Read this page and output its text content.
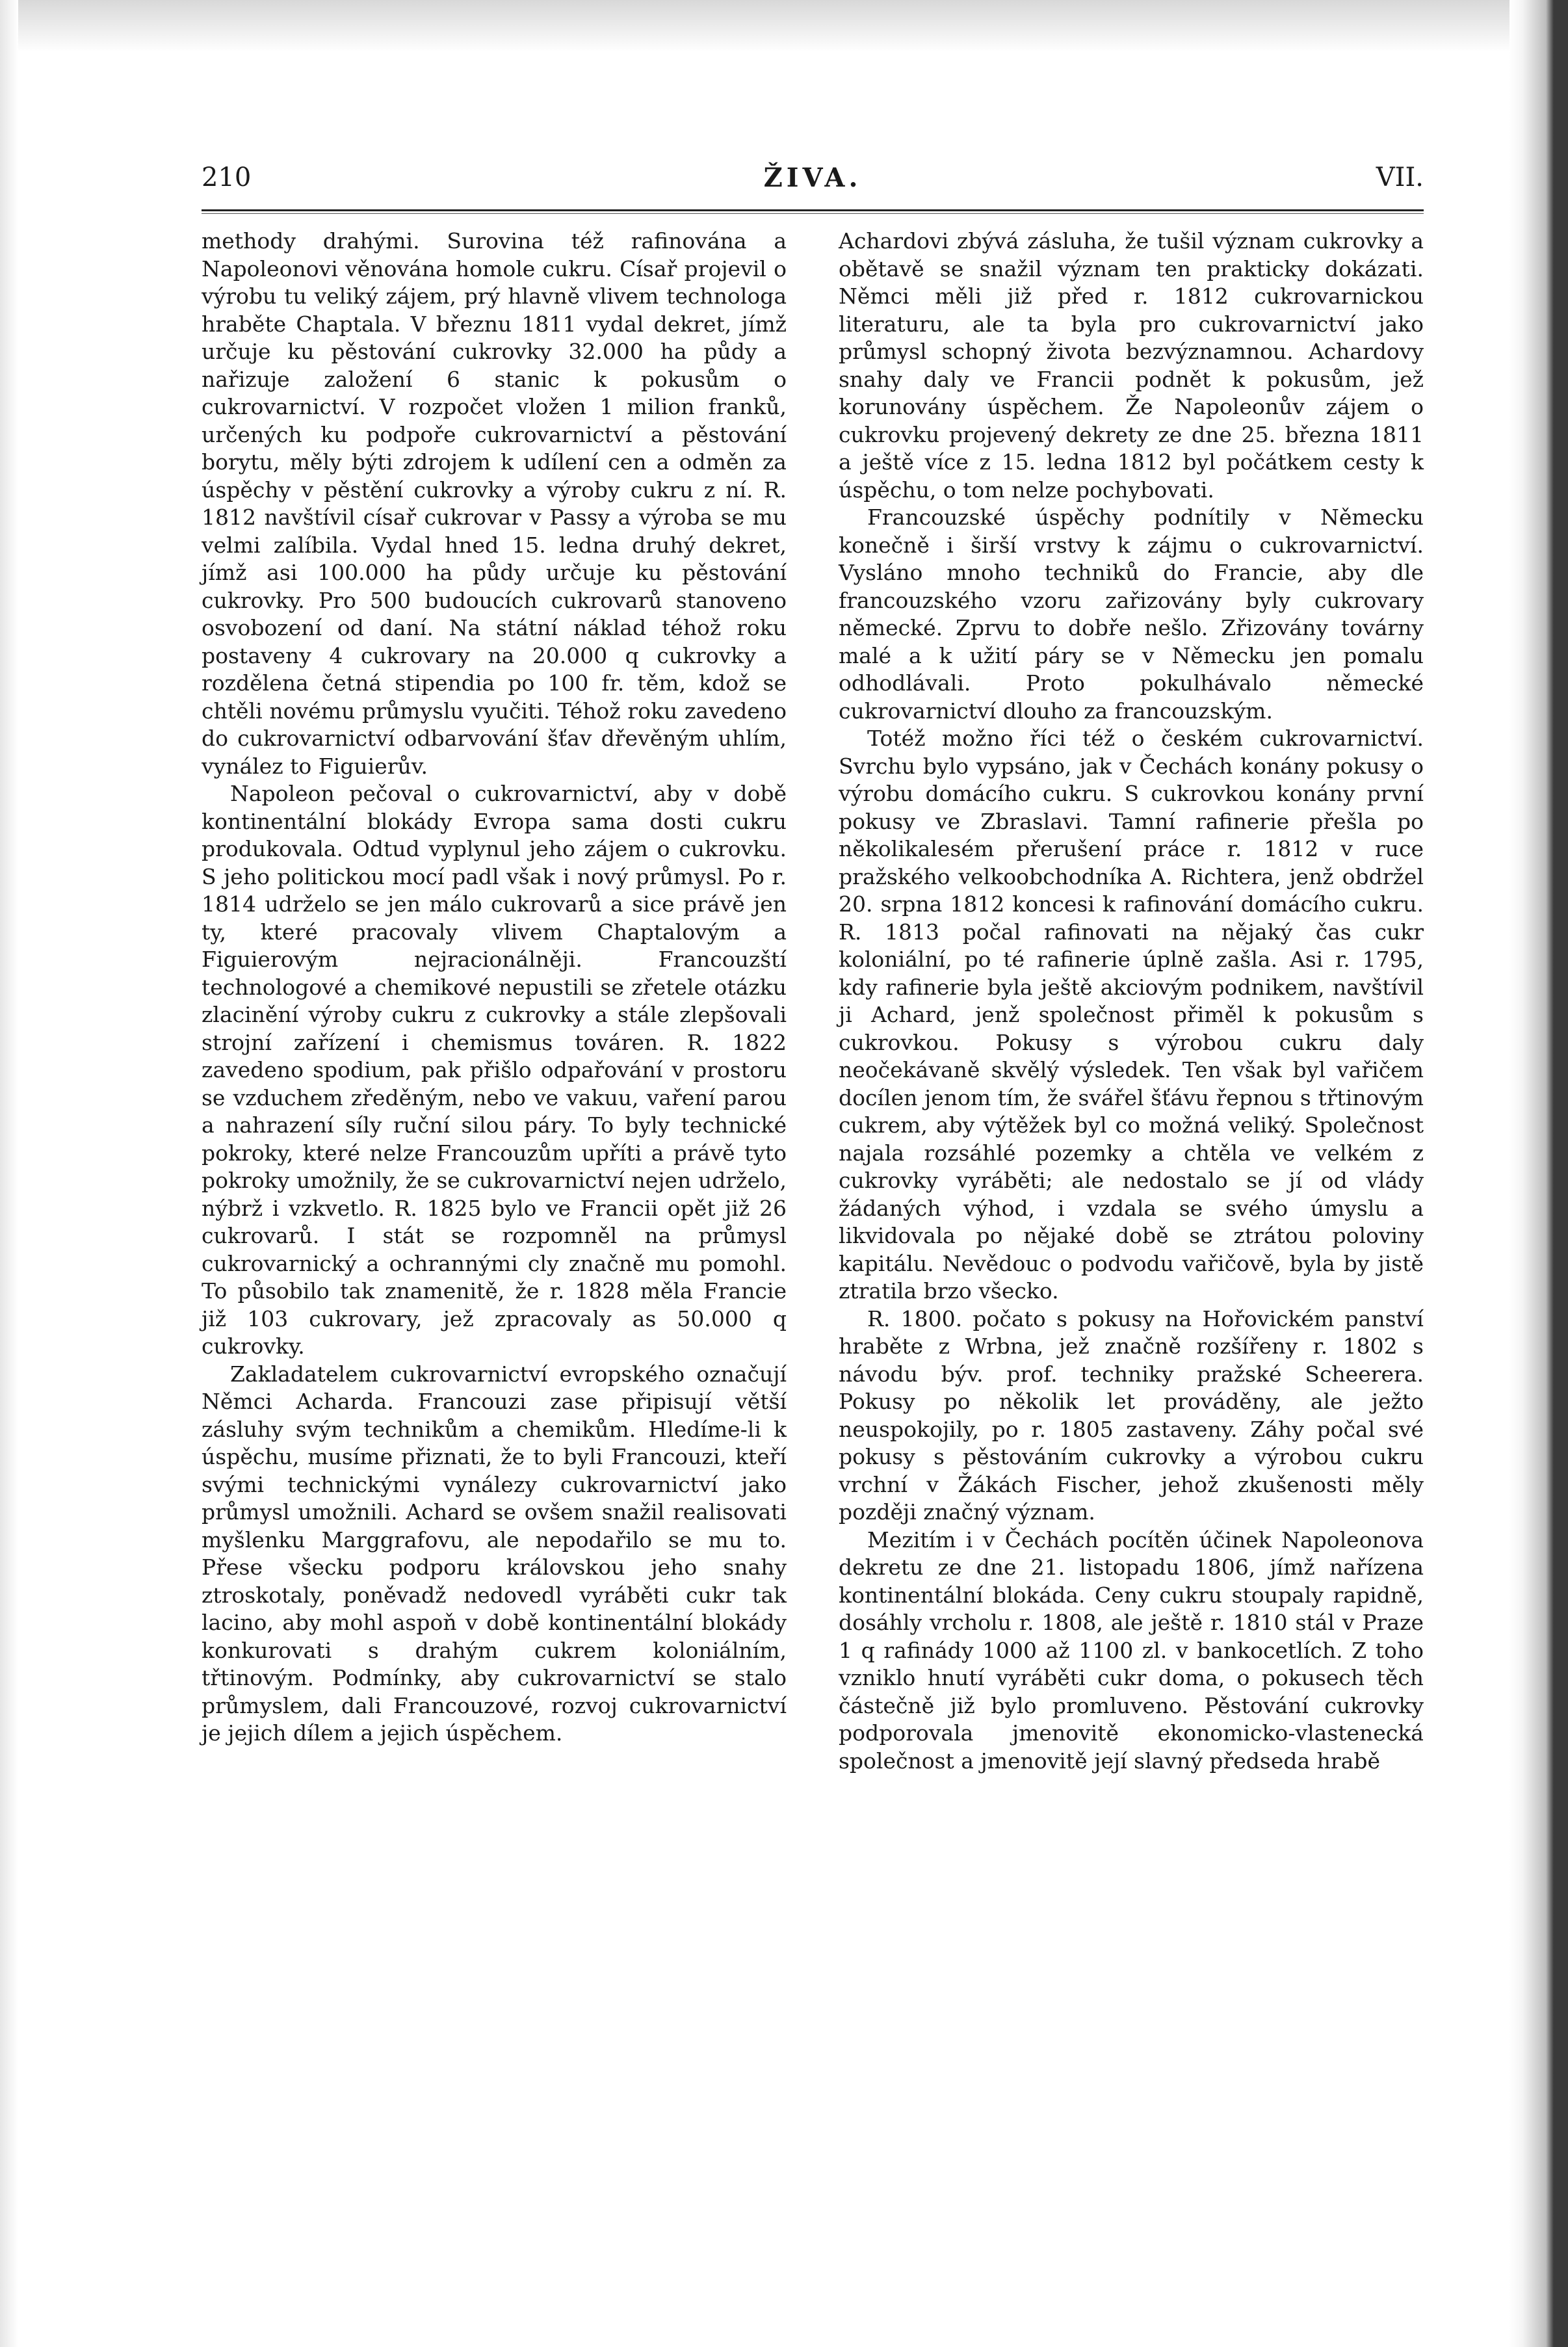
210	ŽIVA.	VII.

methody drahými. Surovina též rafinována a Napoleonovi věnována homole cukru. Císař projevil o výrobu tu veliký zájem, prý hlavně vlivem technologa hraběte Chaptala. V březnu 1811 vydal dekret, jímž určuje ku pěstování cukrovky 32.000 ha půdy a nařizuje založení 6 stanic k pokusům o cukrovarnictví. V rozpočet vložen 1 milion franků, určených ku podpoře cukrovarnictví a pěstování borytu, měly býti zdrojem k udílení cen a odměn za úspěchy v pěstění cukrovky a výroby cukru z ní. R. 1812 navštívil císař cukrovar v Passy a výroba se mu velmi zalíbila. Vydal hned 15. ledna druhý dekret, jímž asi 100.000 ha půdy určuje ku pěstování cukrovky. Pro 500 budoucích cukrovarů stanoveno osvobození od daní. Na státní náklad téhož roku postaveny 4 cukrovary na 20.000 q cukrovky a rozdělena četná stipendia po 100 fr. těm, kdož se chtěli novému průmyslu vyučiti. Téhož roku zavedeno do cukrovarnictví odbarvování šťav dřevěným uhlím, vynález to Figuierův.

Napoleon pečoval o cukrovarnictví, aby v době kontinentální blokády Evropa sama dosti cukru produkovala. Odtud vyplynul jeho zájem o cukrovku. S jeho politickou mocí padl však i nový průmysl. Po r. 1814 udrželo se jen málo cukrovarů a sice právě jen ty, které pracovaly vlivem Chaptalovým a Figuierovým nejracionálněji. Francouzští technologové a chemikové nepustili se zřetele otázku zlacinění výroby cukru z cukrovky a stále zlepšovali strojní zařízení i chemismus továren. R. 1822 zavedeno spodium, pak přišlo odpařování v prostoru se vzduchem zředěným, nebo ve vakuu, vaření parou a nahrazení síly ruční silou páry. To byly technické pokroky, které nelze Francouzům upříti a právě tyto pokroky umožnily, že se cukrovarnictví nejen udrželo, nýbrž i vzkvetlo. R. 1825 bylo ve Francii opět již 26 cukrovarů. I stát se rozpomněl na průmysl cukrovarnický a ochrannými cly značně mu pomohl. To působilo tak znamenitě, že r. 1828 měla Francie již 103 cukrovary, jež zpracovaly as 50.000 q cukrovky.

Zakladatelem cukrovarnictví evropského označují Němci Acharda. Francouzi zase připisují větší zásluhy svým technikům a chemikům. Hledíme-li k úspěchu, musíme přiznati, že to byli Francouzi, kteří svými technickými vynálezy cukrovarnictví jako průmysl umožnili. Achard se ovšem snažil realisovati myšlenku Marggrafovu, ale nepodařilo se mu to. Přese všecku podporu královskou jeho snahy ztroskotaly, poněvadž nedovedl vyráběti cukr tak lacino, aby mohl aspoň v době kontinentální blokády konkurovati s drahým cukrem koloniálním, třtinovým. Podmínky, aby cukrovarnictví se stalo průmyslem, dali Francouzové, rozvoj cukrovarnictví je jejich dílem a jejich úspěchem.

Achardovi zbývá zásluha, že tušil význam cukrovky a obětavě se snažil význam ten prakticky dokázati. Němci měli již před r. 1812 cukrovarnickou literaturu, ale ta byla pro cukrovarnictví jako průmysl schopný života bezvýznamnou. Achardovy snahy daly ve Francii podnět k pokusům, jež korunovány úspěchem. Že Napoleonův zájem o cukrovku projevený dekrety ze dne 25. března 1811 a ještě více z 15. ledna 1812 byl počátkem cesty k úspěchu, o tom nelze pochybovati.

Francouzské úspěchy podnítily v Německu konečně i širší vrstvy k zájmu o cukrovarnictví. Vysláno mnoho techniků do Francie, aby dle francouzského vzoru zařizovány byly cukrovary německé. Zprvu to dobře nešlo. Zřizovány továrny malé a k užití páry se v Německu jen pomalu odhodlávali. Proto pokulhávalo německé cukrovarnictví dlouho za francouzským.

Totéž možno říci též o českém cukrovarnictví. Svrchu bylo vypsáno, jak v Čechách konány pokusy o výrobu domácího cukru. S cukrovkou konány první pokusy ve Zbraslavi. Tamní rafinerie přešla po několikalesém přerušení práce r. 1812 v ruce pražského velkoobchodníka A. Richtera, jenž obdržel 20. srpna 1812 koncesi k rafinování domácího cukru. R. 1813 počal rafinovati na nějaký čas cukr koloniální, po té rafinerie úplně zašla. Asi r. 1795, kdy rafinerie byla ještě akciovým podnikem, navštívil ji Achard, jenž společnost přiměl k pokusům s cukrovkou. Pokusy s výrobou cukru daly neočekávaně skvělý výsledek. Ten však byl vařičem docílen jenom tím, že svářel šťávu řepnou s třtinovým cukrem, aby výtěžek byl co možná veliký. Společnost najala rozsáhlé pozemky a chtěla ve velkém z cukrovky vyráběti; ale nedostalo se jí od vlády žádaných výhod, i vzdala se svého úmyslu a likvidovala po nějaké době se ztrátou poloviny kapitálu. Nevědouc o podvodu vařičově, byla by jistě ztratila brzo všecko.

R. 1800. počato s pokusy na Hořovickém panství hraběte z Wrbna, jež značně rozšířeny r. 1802 s návodu býv. prof. techniky pražské Scheerera. Pokusy po několik let prováděny, ale ježto neuspokojily, po r. 1805 zastaveny. Záhy počal své pokusy s pěstováním cukrovky a výrobou cukru vrchní v Žákách Fischer, jehož zkušenosti měly později značný význam.

Mezitím i v Čechách pocítěn účinek Napoleonova dekretu ze dne 21. listopadu 1806, jímž nařízena kontinentální blokáda. Ceny cukru stoupaly rapidně, dosáhly vrcholu r. 1808, ale ještě r. 1810 stál v Praze 1 q rafinády 1000 až 1100 zl. v bankocetlích. Z toho vzniklo hnutí vyráběti cukr doma, o pokusech těch částečně již bylo promluveno. Pěstování cukrovky podporovala jmenovitě ekonomicko-vlastenecká společnost a jmenovitě její slavný předseda hrabě
